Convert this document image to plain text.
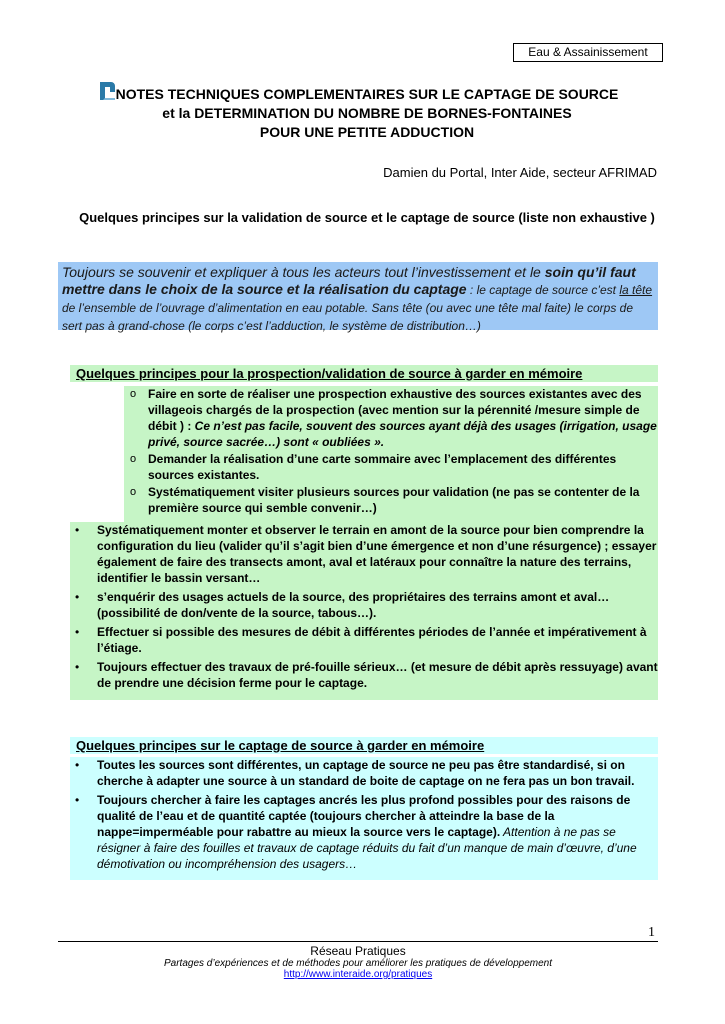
Eau & Assainissement
NOTES TECHNIQUES COMPLEMENTAIRES SUR LE CAPTAGE DE SOURCE
et la DETERMINATION DU NOMBRE DE BORNES-FONTAINES
POUR UNE PETITE ADDUCTION
Damien du Portal, Inter Aide, secteur AFRIMAD
Quelques principes sur la validation de source et le captage de source (liste non exhaustive )
Toujours se souvenir et expliquer à tous les acteurs tout l’investissement et le soin qu’il faut mettre dans le choix de la source et la réalisation du captage : le captage de source c’est la tête de l’ensemble de l’ouvrage d’alimentation en eau potable. Sans tête (ou avec une tête mal faite) le corps de sert pas à grand-chose (le corps c’est l’adduction, le système de distribution…)
Quelques principes pour la prospection/validation de source à garder en mémoire
o Faire en sorte de réaliser une prospection exhaustive des sources existantes avec des villageois chargés de la prospection (avec mention sur la pérennité /mesure simple de débit ) : Ce n’est pas facile, souvent des sources ayant déjà des usages (irrigation, usage privé, source sacrée…) sont « oubliées ».
o Demander la réalisation d’une carte sommaire avec l’emplacement des différentes sources existantes.
o Systématiquement visiter plusieurs sources pour validation (ne pas se contenter de la première source qui semble convenir…)
• Systématiquement monter et observer le terrain en amont de la source pour bien comprendre la configuration du lieu (valider qu’il s’agit bien d’une émergence et non d’une résurgence) ; essayer également de faire des transects amont, aval et latéraux pour connaître la nature des terrains, identifier le bassin versant…
• s’enquérir des usages actuels de la source, des propriétaires des terrains amont et aval… (possibilité de don/vente de la source, tabous…).
• Effectuer si possible des mesures de débit à différentes périodes de l’année et impérativement à l’étiage.
• Toujours effectuer des travaux de pré-fouille sérieux… (et mesure de débit après ressuyage) avant de prendre une décision ferme pour le captage.
Quelques principes sur le captage de source à garder en mémoire
• Toutes les sources sont différentes, un captage de source ne peu pas être standardisé, si on cherche à adapter une source à un standard de boite de captage on ne fera pas un bon travail.
• Toujours chercher à faire les captages ancrés les plus profond possibles pour des raisons de qualité de l’eau et de quantité captée (toujours chercher à atteindre la base de la nappe=imperméable pour rabattre au mieux la source vers le captage). Attention à ne pas se résigner à faire des fouilles et travaux de captage réduits du fait d’un manque de main d’œuvre, d’une démotivation ou incompréhension des usagers…
1
Réseau Pratiques
Partages d’expériences et de méthodes pour améliorer les pratiques de développement
http://www.interaide.org/pratiques
